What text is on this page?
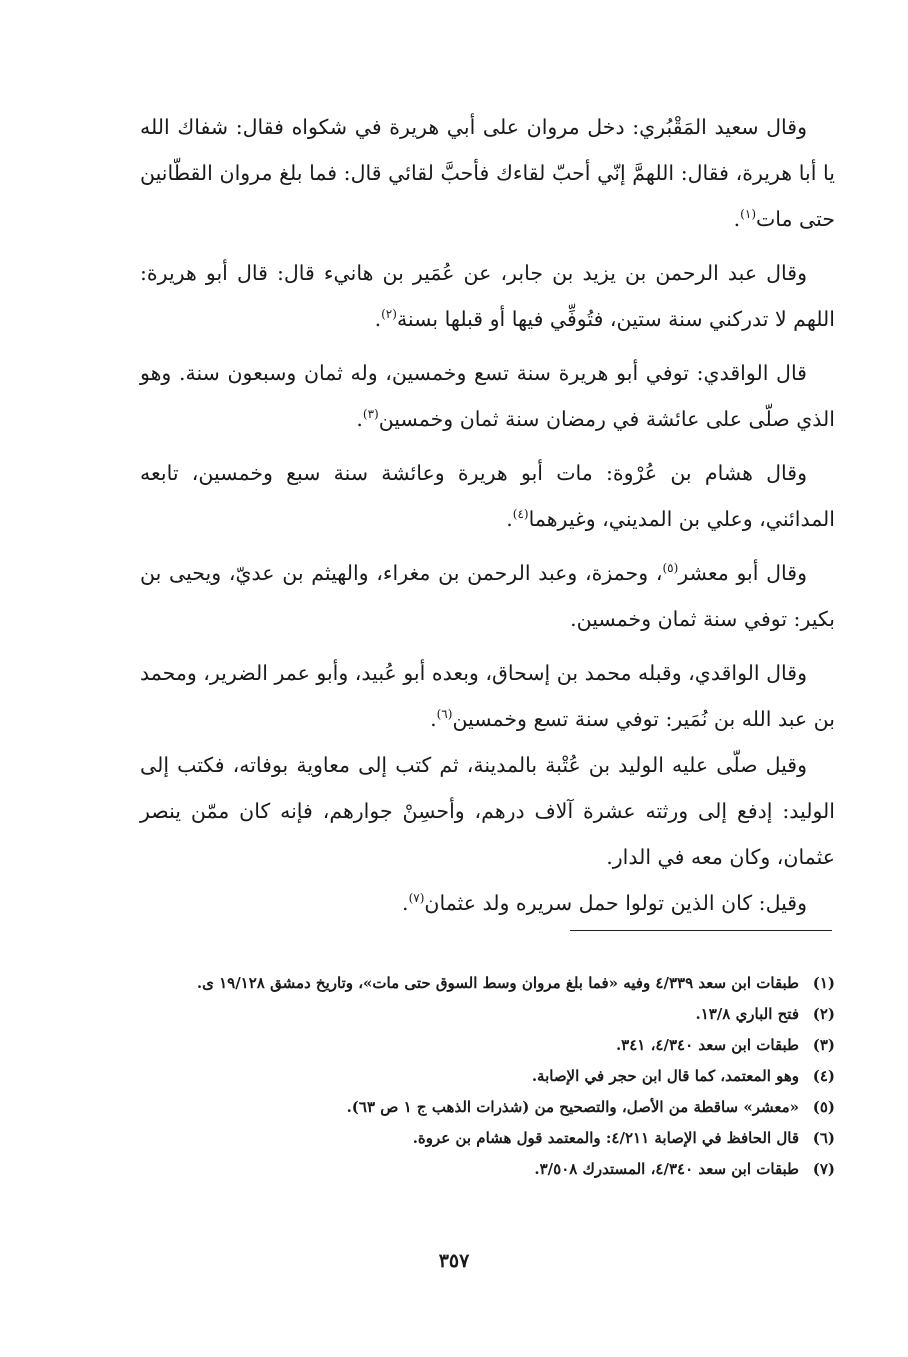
وقال سعيد المَقْبُري: دخل مروان على أبي هريرة في شكواه فقال: شفاك الله يا أبا هريرة، فقال: اللهمَّ إنّي أحبّ لقاءك فأحبَّ لقائي قال: فما بلغ مروان القطّانين حتى مات$^{(١)}$.

وقال عبد الرحمن بن يزيد بن جابر، عن عُمَير بن هانيء قال: قال أبو هريرة: اللهم لا تدركني سنة ستين، فتُوفِّي فيها أو قبلها بسنة$^{(٢)}$.

قال الواقدي: توفي أبو هريرة سنة تسع وخمسين، وله ثمان وسبعون سنة. وهو الذي صلّى على عائشة في رمضان سنة ثمان وخمسين$^{(٣)}$.

وقال هشام بن عُرْوة: مات أبو هريرة وعائشة سنة سبع وخمسين، تابعه المدائني، وعلي بن المديني، وغيرهما$^{(٤)}$.

وقال أبو معشر$^{(٥)}$، وحمزة، وعبد الرحمن بن مغراء، والهيثم بن عديّ، ويحيى بن بكير: توفي سنة ثمان وخمسين.

وقال الواقدي، وقبله محمد بن إسحاق، وبعده أبو عُبيد، وأبو عمر الضرير، ومحمد بن عبد الله بن نُمَير: توفي سنة تسع وخمسين$^{(٦)}$.

وقيل صلّى عليه الوليد بن عُتْبة بالمدينة، ثم كتب إلى معاوية بوفاته، فكتب إلى الوليد: إدفع إلى ورثته عشرة آلاف درهم، وأحسِنْ جوارهم، فإنه كان ممّن ينصر عثمان، وكان معه في الدار.

وقيل: كان الذين تولوا حمل سريره ولد عثمان$^{(٧)}$.

(١)
طبقات ابن سعد ٤/٣٣٩ وفيه «فما بلغ مروان وسط السوق حتى مات»، وتاريخ دمشق ١٩/١٢٨ ى.

(٢)
فتح الباري ١٣/٨.

(٣)
طبقات ابن سعد ٤/٣٤٠، ٣٤١.

(٤)
وهو المعتمد، كما قال ابن حجر في الإصابة.

(٥)
«معشر» ساقطة من الأصل، والتصحيح من (شذرات الذهب ج ١ ص ٦٣).

(٦)
قال الحافظ في الإصابة ٤/٢١١: والمعتمد قول هشام بن عروة.

(٧)
طبقات ابن سعد ٤/٣٤٠، المستدرك ٣/٥٠٨.

٣٥٧
